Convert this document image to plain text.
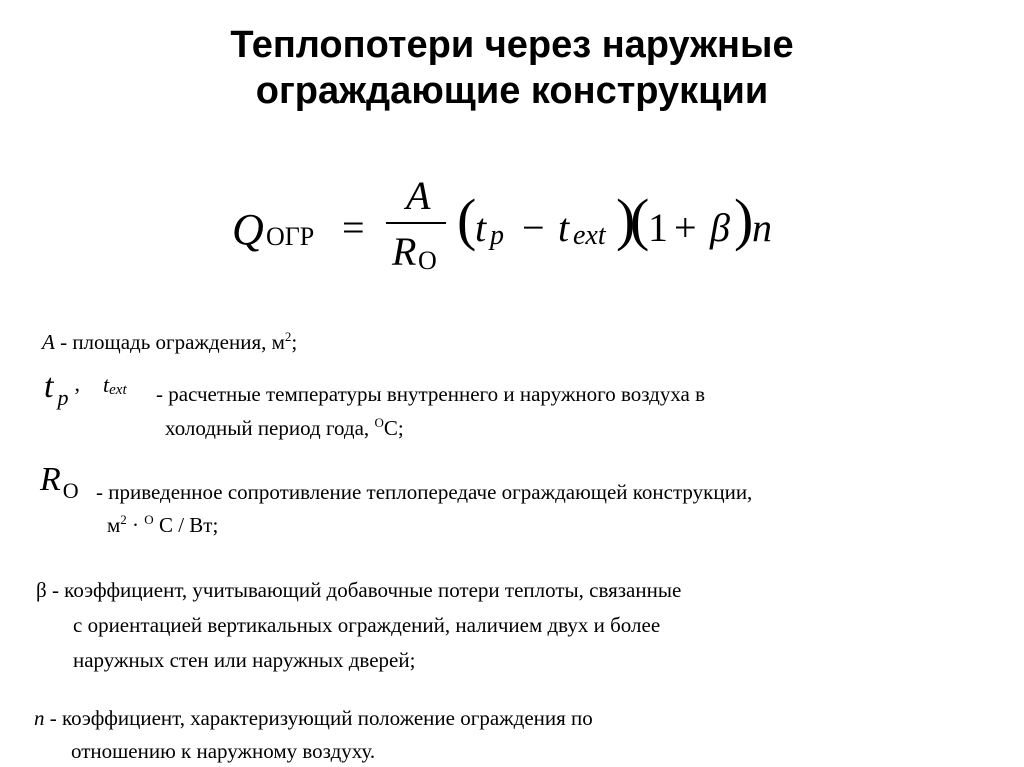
Теплопотери через наружные
ограждающие конструкции
Q ОГР =
A
R О
(
t p − t ext )
(
1 + β )
n
A - площадь ограждения, $м^2$;
t $_p$, text - расчетные температуры внутреннего и наружного воздуха в
холодный период года, $^O$C;
$R_O$ - приведенное сопротивление теплопередаче ограждающей конструкции,
$м^2 \cdot ^O$ С / Вт;
β - коэффициент, учитывающий добавочные потери теплоты, связанные
с ориентацией вертикальных ограждений, наличием двух и более
наружных стен или наружных дверей;
n - коэффициент, характеризующий положение ограждения по
отношению к наружному воздуху.
